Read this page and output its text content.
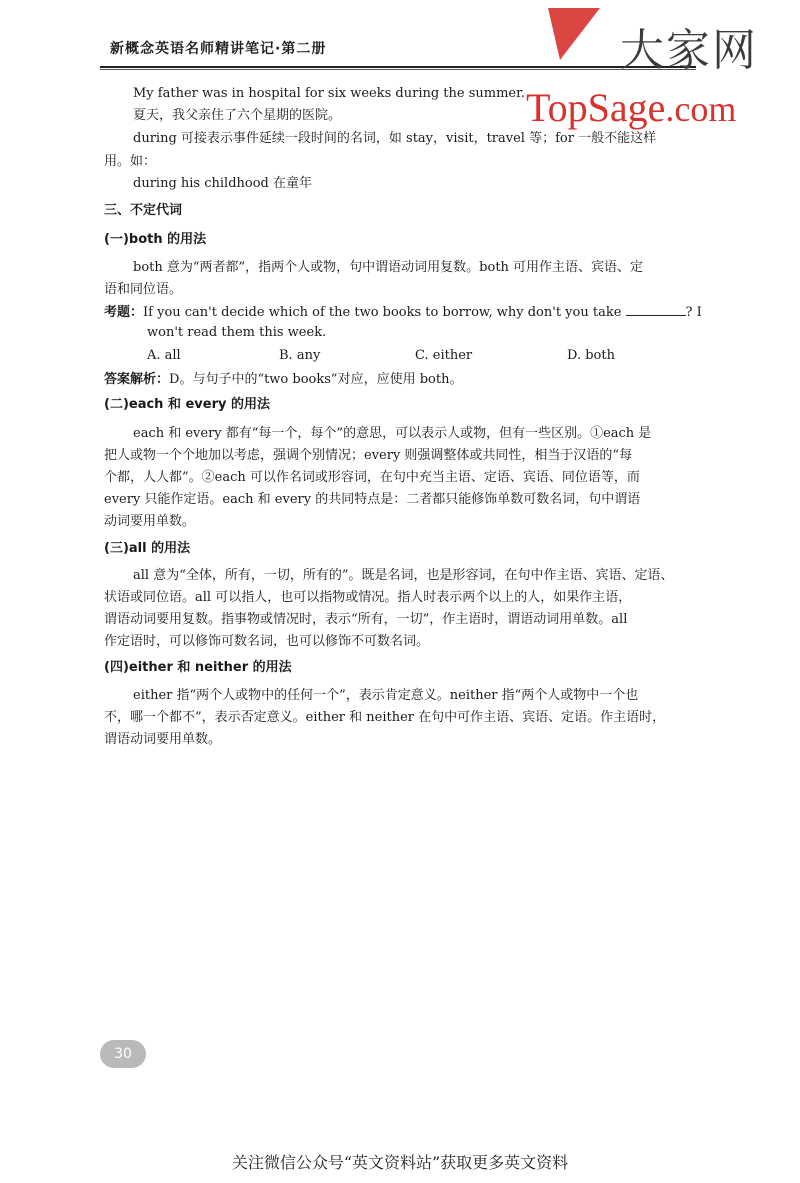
新概念英语名师精讲笔记·第二册	大家网
TopSage.com
My father was in hospital for six weeks during the summer.
夏天，我父亲住了六个星期的医院。
during 可接表示事件延续一段时间的名词，如 stay，visit，travel 等；for 一般不能这样
用。如：
during his childhood 在童年
三、不定代词
(一)both 的用法
both 意为“两者都”，指两个人或物，句中谓语动词用复数。both 可用作主语、宾语、定
语和同位语。
考题：If you can't decide which of the two books to borrow, why don't you take	? I
won't read them this week.
A. all	B. any	C. either	D. both
答案解析：D。与句子中的“two books”对应，应使用 both。
(二)each 和 every 的用法
each 和 every 都有“每一个，每个”的意思，可以表示人或物，但有一些区别。①each 是
把人或物一个个地加以考虑，强调个别情况；every 则强调整体或共同性，相当于汉语的“每
个都，人人都”。②each 可以作名词或形容词，在句中充当主语、定语、宾语、同位语等，而
every 只能作定语。each 和 every 的共同特点是：二者都只能修饰单数可数名词，句中谓语
动词要用单数。
(三)all 的用法
all 意为“全体，所有，一切，所有的”。既是名词，也是形容词，在句中作主语、宾语、定语、
状语或同位语。all 可以指人，也可以指物或情况。指人时表示两个以上的人，如果作主语，
谓语动词要用复数。指事物或情况时，表示“所有，一切”，作主语时，谓语动词用单数。all
作定语时，可以修饰可数名词，也可以修饰不可数名词。
(四)either 和 neither 的用法
either 指“两个人或物中的任何一个”，表示肯定意义。neither 指“两个人或物中一个也
不，哪一个都不”，表示否定意义。either 和 neither 在句中可作主语、宾语、定语。作主语时，
谓语动词要用单数。
30
关注微信公众号“英文资料站”获取更多英文资料
